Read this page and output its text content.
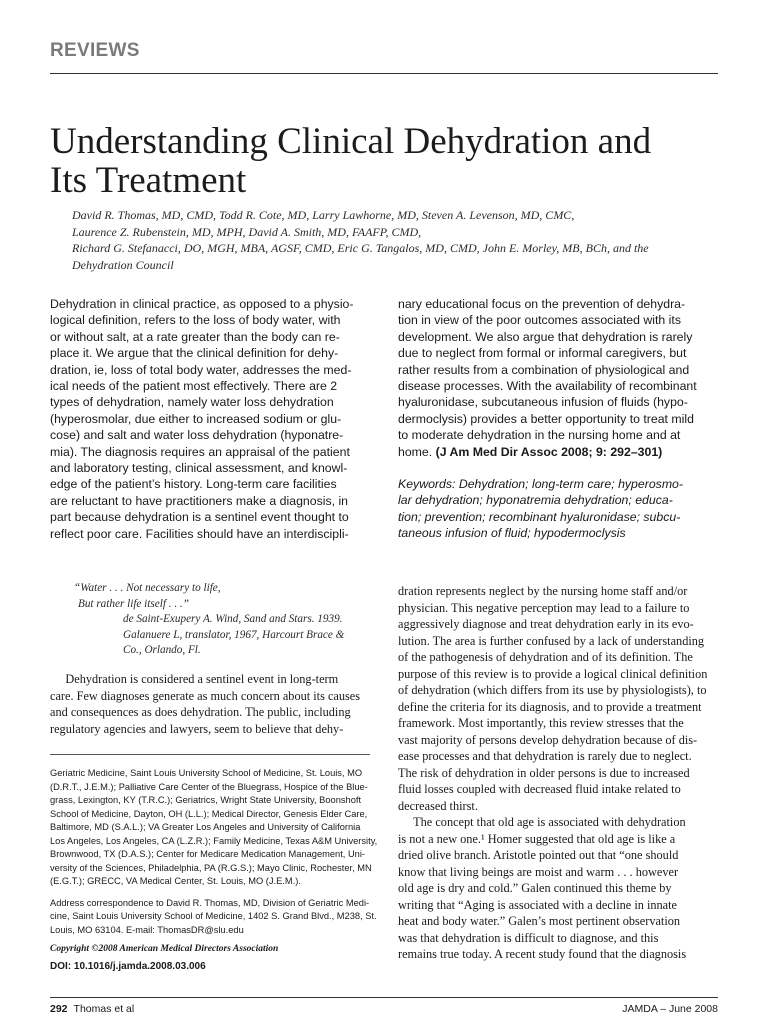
REVIEWS
Understanding Clinical Dehydration and
Its Treatment
David R. Thomas, MD, CMD, Todd R. Cote, MD, Larry Lawhorne, MD, Steven A. Levenson, MD, CMC,
Laurence Z. Rubenstein, MD, MPH, David A. Smith, MD, FAAFP, CMD,
Richard G. Stefanacci, DO, MGH, MBA, AGSF, CMD, Eric G. Tangalos, MD, CMD, John E. Morley, MB, BCh, and the
Dehydration Council
Dehydration in clinical practice, as opposed to a physio-
logical definition, refers to the loss of body water, with
or without salt, at a rate greater than the body can re-
place it. We argue that the clinical definition for dehy-
dration, ie, loss of total body water, addresses the med-
ical needs of the patient most effectively. There are 2
types of dehydration, namely water loss dehydration
(hyperosmolar, due either to increased sodium or glu-
cose) and salt and water loss dehydration (hyponatre-
mia). The diagnosis requires an appraisal of the patient
and laboratory testing, clinical assessment, and knowl-
edge of the patient’s history. Long-term care facilities
are reluctant to have practitioners make a diagnosis, in
part because dehydration is a sentinel event thought to
reflect poor care. Facilities should have an interdiscipli-
nary educational focus on the prevention of dehydra-
tion in view of the poor outcomes associated with its
development. We also argue that dehydration is rarely
due to neglect from formal or informal caregivers, but
rather results from a combination of physiological and
disease processes. With the availability of recombinant
hyaluronidase, subcutaneous infusion of fluids (hypo-
dermoclysis) provides a better opportunity to treat mild
to moderate dehydration in the nursing home and at
home. (J Am Med Dir Assoc 2008; 9: 292–301)
Keywords: Dehydration; long-term care; hyperosmo-
lar dehydration; hyponatremia dehydration; educa-
tion; prevention; recombinant hyaluronidase; subcu-
taneous infusion of fluid; hypodermoclysis
“Water . . . Not necessary to life,
But rather life itself . . .”
de Saint-Exupery A. Wind, Sand and Stars. 1939.
Galanuere L, translator, 1967, Harcourt Brace &
Co., Orlando, Fl.
Dehydration is considered a sentinel event in long-term
care. Few diagnoses generate as much concern about its causes
and consequences as does dehydration. The public, including
regulatory agencies and lawyers, seem to believe that dehy-
Geriatric Medicine, Saint Louis University School of Medicine, St. Louis, MO
(D.R.T., J.E.M.); Palliative Care Center of the Bluegrass, Hospice of the Blue-
grass, Lexington, KY (T.R.C.); Geriatrics, Wright State University, Boonshoft
School of Medicine, Dayton, OH (L.L.); Medical Director, Genesis Elder Care,
Baltimore, MD (S.A.L.); VA Greater Los Angeles and University of California
Los Angeles, Los Angeles, CA (L.Z.R.); Family Medicine, Texas A&M University,
Brownwood, TX (D.A.S.); Center for Medicare Medication Management, Uni-
versity of the Sciences, Philadelphia, PA (R.G.S.); Mayo Clinic, Rochester, MN
(E.G.T.); GRECC, VA Medical Center, St. Louis, MO (J.E.M.).
Address correspondence to David R. Thomas, MD, Division of Geriatric Medi-
cine, Saint Louis University School of Medicine, 1402 S. Grand Blvd., M238, St.
Louis, MO 63104. E-mail: ThomasDR@slu.edu
Copyright ©2008 American Medical Directors Association
DOI: 10.1016/j.jamda.2008.03.006
dration represents neglect by the nursing home staff and/or
physician. This negative perception may lead to a failure to
aggressively diagnose and treat dehydration early in its evo-
lution. The area is further confused by a lack of understanding
of the pathogenesis of dehydration and of its definition. The
purpose of this review is to provide a logical clinical definition
of dehydration (which differs from its use by physiologists), to
define the criteria for its diagnosis, and to provide a treatment
framework. Most importantly, this review stresses that the
vast majority of persons develop dehydration because of dis-
ease processes and that dehydration is rarely due to neglect.
The risk of dehydration in older persons is due to increased
fluid losses coupled with decreased fluid intake related to
decreased thirst.
The concept that old age is associated with dehydration
is not a new one.¹ Homer suggested that old age is like a
dried olive branch. Aristotle pointed out that “one should
know that living beings are moist and warm . . . however
old age is dry and cold.” Galen continued this theme by
writing that “Aging is associated with a decline in innate
heat and body water.” Galen’s most pertinent observation
was that dehydration is difficult to diagnose, and this
remains true today. A recent study found that the diagnosis
292 Thomas et al	JAMDA – June 2008
